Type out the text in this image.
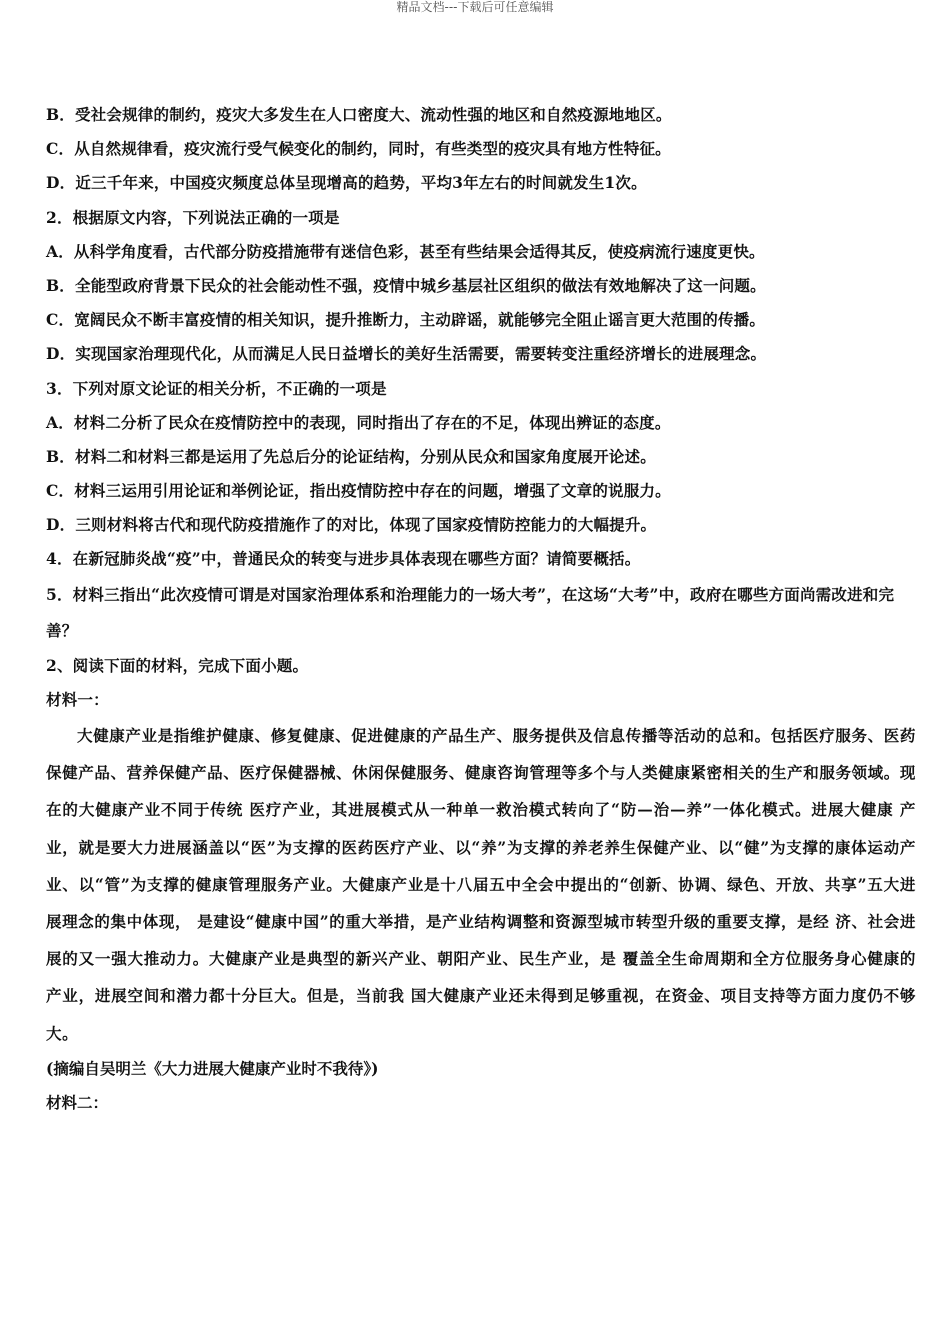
精品文档---下载后可任意编辑
B．受社会规律的制约，疫灾大多发生在人口密度大、流动性强的地区和自然疫源地地区。
C．从自然规律看，疫灾流行受气候变化的制约，同时，有些类型的疫灾具有地方性特征。
D．近三千年来，中国疫灾频度总体呈现增高的趋势，平均3年左右的时间就发生1次。
2．根据原文内容，下列说法正确的一项是
A．从科学角度看，古代部分防疫措施带有迷信色彩，甚至有些结果会适得其反，使疫病流行速度更快。
B．全能型政府背景下民众的社会能动性不强，疫情中城乡基层社区组织的做法有效地解决了这一问题。
C．宽阔民众不断丰富疫情的相关知识，提升推断力，主动辟谣，就能够完全阻止谣言更大范围的传播。
D．实现国家治理现代化，从而满足人民日益增长的美好生活需要，需要转变注重经济增长的进展理念。
3．下列对原文论证的相关分析，不正确的一项是
A．材料二分析了民众在疫情防控中的表现，同时指出了存在的不足，体现出辨证的态度。
B．材料二和材料三都是运用了先总后分的论证结构，分别从民众和国家角度展开论述。
C．材料三运用引用论证和举例论证，指出疫情防控中存在的问题，增强了文章的说服力。
D．三则材料将古代和现代防疫措施作了的对比，体现了国家疫情防控能力的大幅提升。
4．在新冠肺炎战“疫”中，普通民众的转变与进步具体表现在哪些方面？请简要概括。
5．材料三指出“此次疫情可谓是对国家治理体系和治理能力的一场大考”，在这场“大考”中，政府在哪些方面尚需改进和完善？
2、阅读下面的材料，完成下面小题。
材料一：
大健康产业是指维护健康、修复健康、促进健康的产品生产、服务提供及信息传播等活动的总和。包括医疗服务、医药保健产品、营养保健产品、医疗保健器械、休闲保健服务、健康咨询管理等多个与人类健康紧密相关的生产和服务领域。现在的大健康产业不同于传统 医疗产业，其进展模式从一种单一救治模式转向了“防—治—养”一体化模式。进展大健康 产业，就是要大力进展涵盖以“医”为支撑的医药医疗产业、以“养”为支撑的养老养生保健产业、以“健”为支撑的康体运动产业、以“管”为支撑的健康管理服务产业。大健康产业是十八届五中全会中提出的“创新、协调、绿色、开放、共享”五大进展理念的集中体现， 是建设“健康中国”的重大举措，是产业结构调整和资源型城市转型升级的重要支撑，是经 济、社会进展的又一强大推动力。大健康产业是典型的新兴产业、朝阳产业、民生产业，是 覆盖全生命周期和全方位服务身心健康的产业，进展空间和潜力都十分巨大。但是，当前我 国大健康产业还未得到足够重视，在资金、项目支持等方面力度仍不够大。
(摘编自吴明兰《大力进展大健康产业时不我待》)
材料二：
